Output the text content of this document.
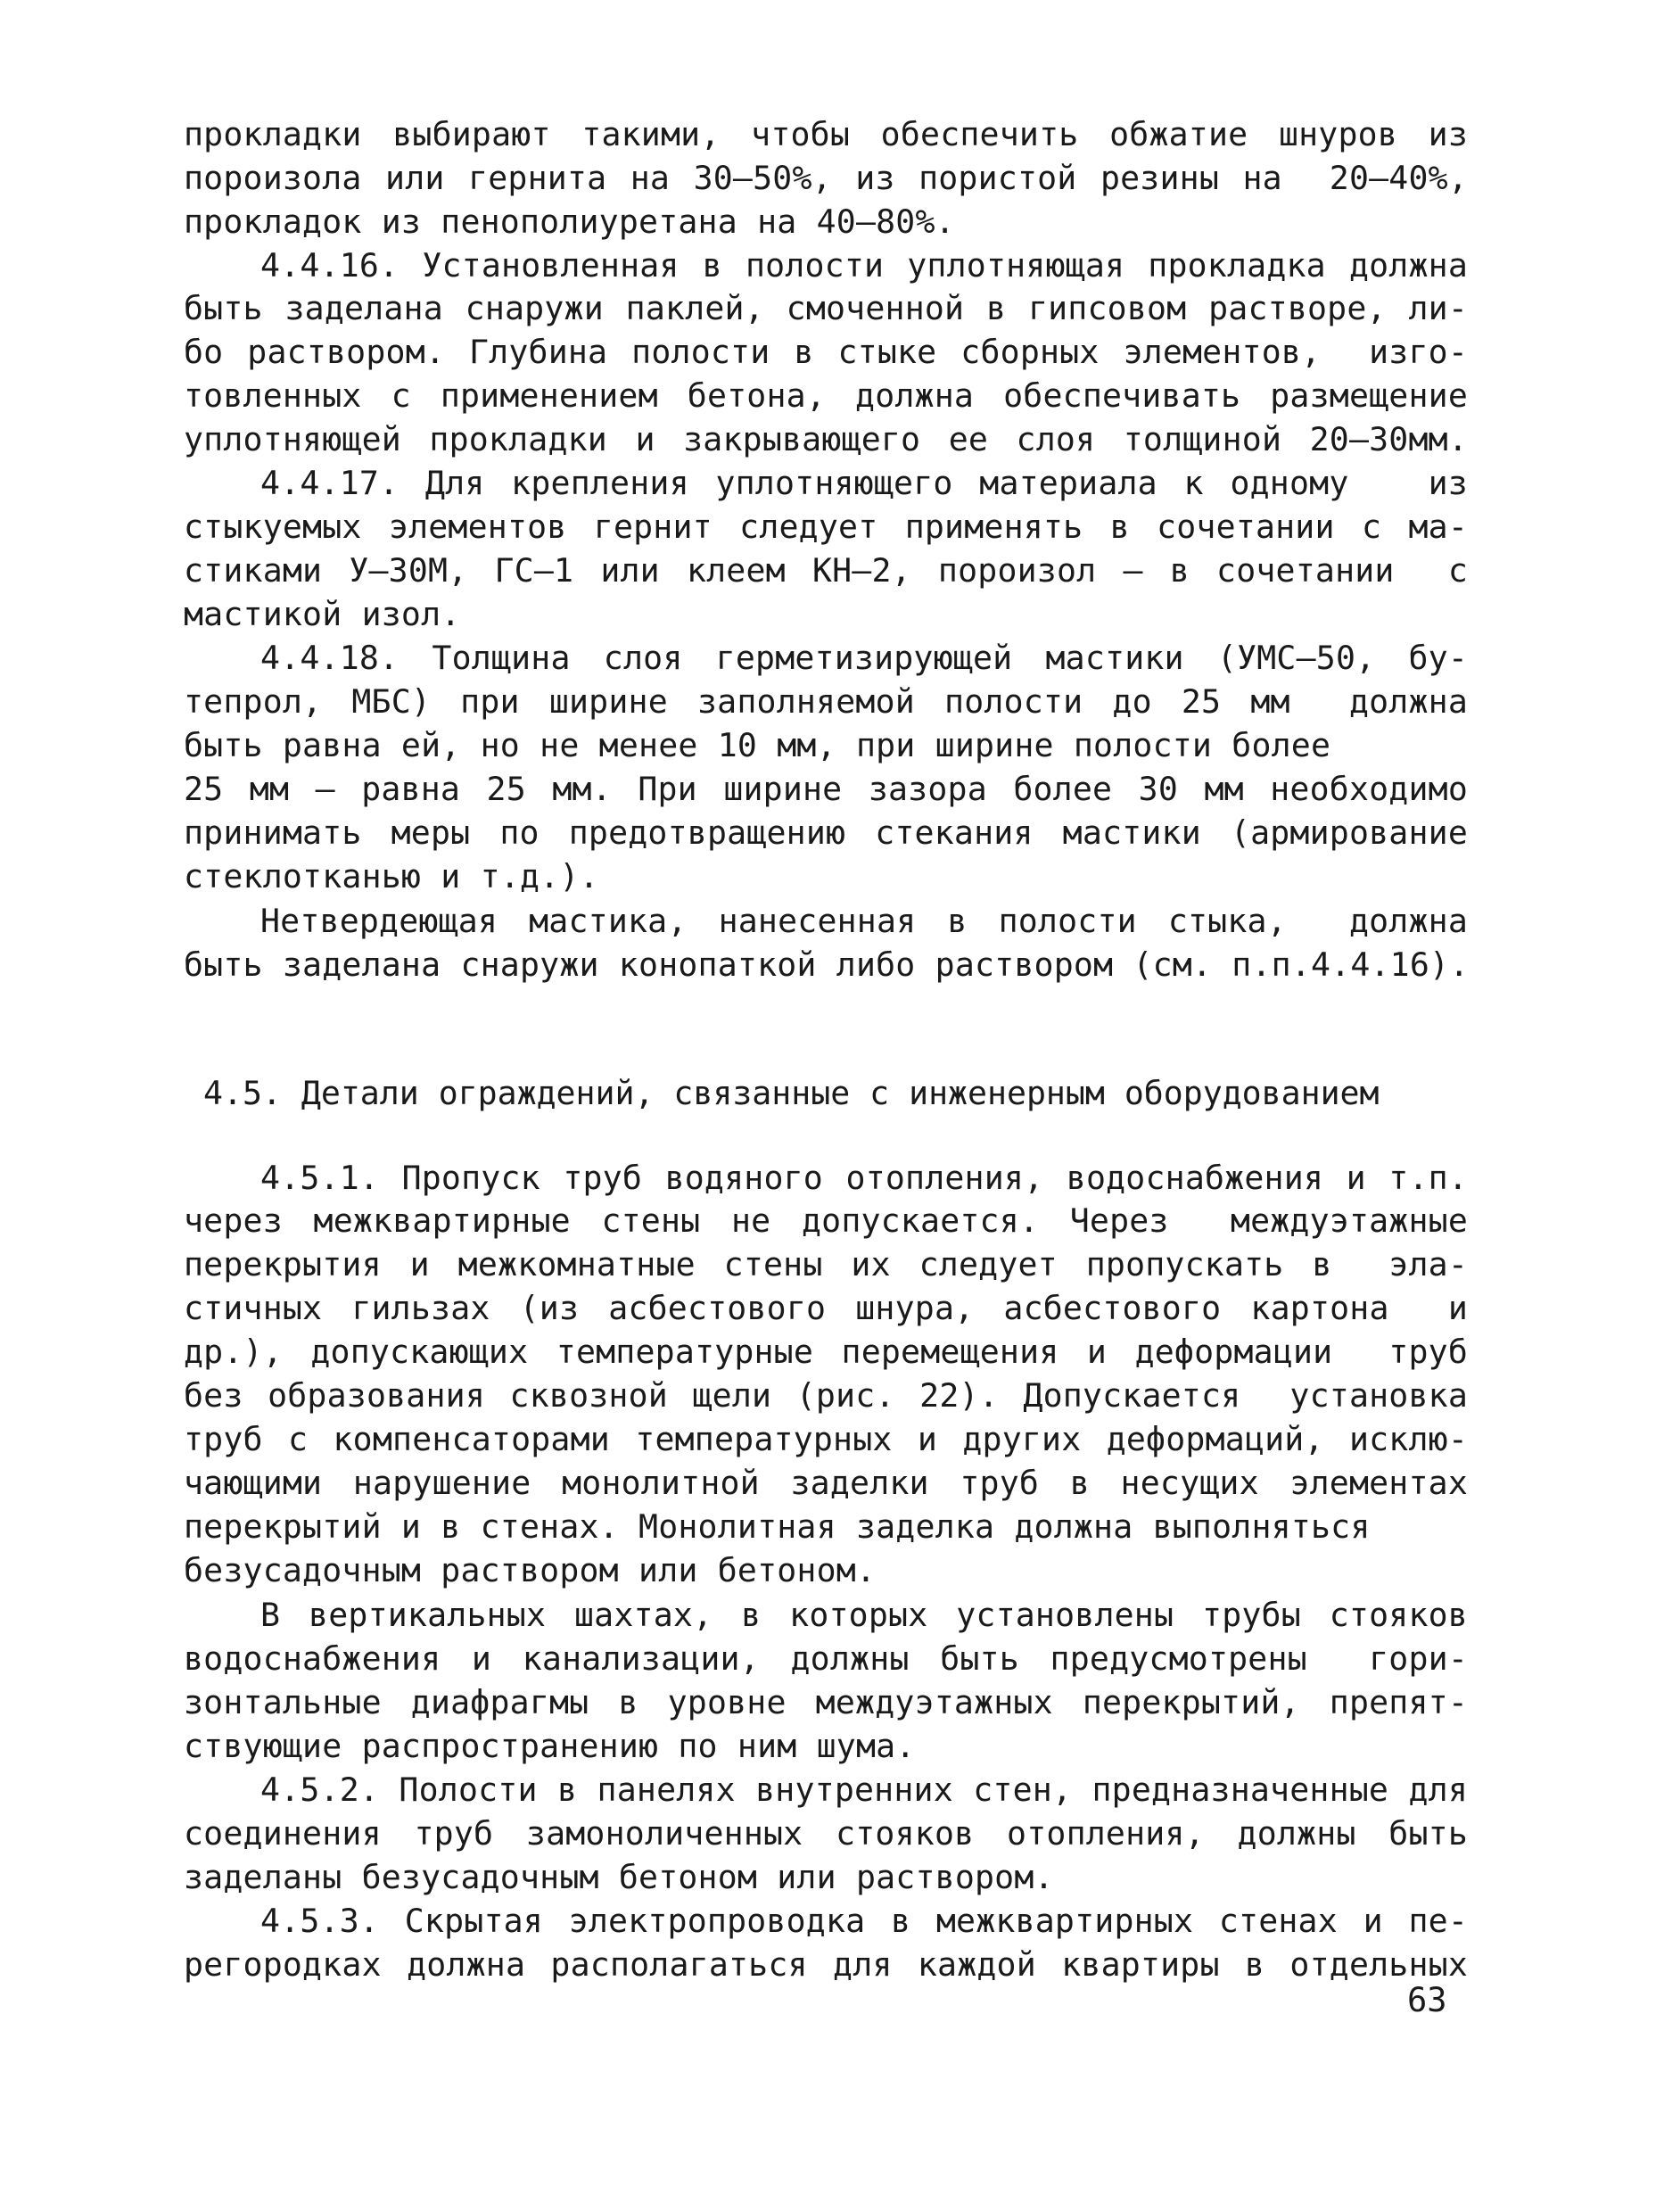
прокладки выбирают такими, чтобы обеспечить обжатие шнуров из
пороизола или гернита на 30–50%, из пористой резины на  20–40%,
прокладок из пенополиуретана на 40–80%.
4.4.16. Установленная в полости уплотняющая прокладка должна
быть заделана снаружи паклей, смоченной в гипсовом растворе, ли-
бо раствором. Глубина полости в стыке сборных элементов,  изго-
товленных с применением бетона, должна обеспечивать размещение
уплотняющей прокладки и закрывающего ее слоя толщиной 20–30мм.
4.4.17. Для крепления уплотняющего материала к одному   из
стыкуемых элементов гернит следует применять в сочетании с ма-
стиками У–30М, ГС–1 или клеем КН–2, пороизол – в сочетании  с
мастикой изол.
4.4.18. Толщина слоя герметизирующей мастики (УМС–50, бу-
тепрол, МБС) при ширине заполняемой полости до 25 мм  должна
быть равна ей, но не менее 10 мм, при ширине полости более
25 мм – равна 25 мм. При ширине зазора более 30 мм необходимо
принимать меры по предотвращению стекания мастики (армирование
стеклотканью и т.д.).
Нетвердеющая мастика, нанесенная в полости стыка,  должна
быть заделана снаружи конопаткой либо раствором (см. п.п.4.4.16).
4.5. Детали ограждений, связанные с инженерным оборудованием
4.5.1. Пропуск труб водяного отопления, водоснабжения и т.п.
через межквартирные стены не допускается. Через  междуэтажные
перекрытия и межкомнатные стены их следует пропускать в  эла-
стичных гильзах (из асбестового шнура, асбестового картона  и
др.), допускающих температурные перемещения и деформации  труб
без образования сквозной щели (рис. 22). Допускается  установка
труб с компенсаторами температурных и других деформаций, исклю-
чающими нарушение монолитной заделки труб в несущих элементах
перекрытий и в стенах. Монолитная заделка должна выполняться
безусадочным раствором или бетоном.
В вертикальных шахтах, в которых установлены трубы стояков
водоснабжения и канализации, должны быть предусмотрены  гори-
зонтальные диафрагмы в уровне междуэтажных перекрытий, препят-
ствующие распространению по ним шума.
4.5.2. Полости в панелях внутренних стен, предназначенные для
соединения труб замоноличенных стояков отопления, должны быть
заделаны безусадочным бетоном или раствором.
4.5.3. Скрытая электропроводка в межквартирных стенах и пе-
регородках должна располагаться для каждой квартиры в отдельных
63
